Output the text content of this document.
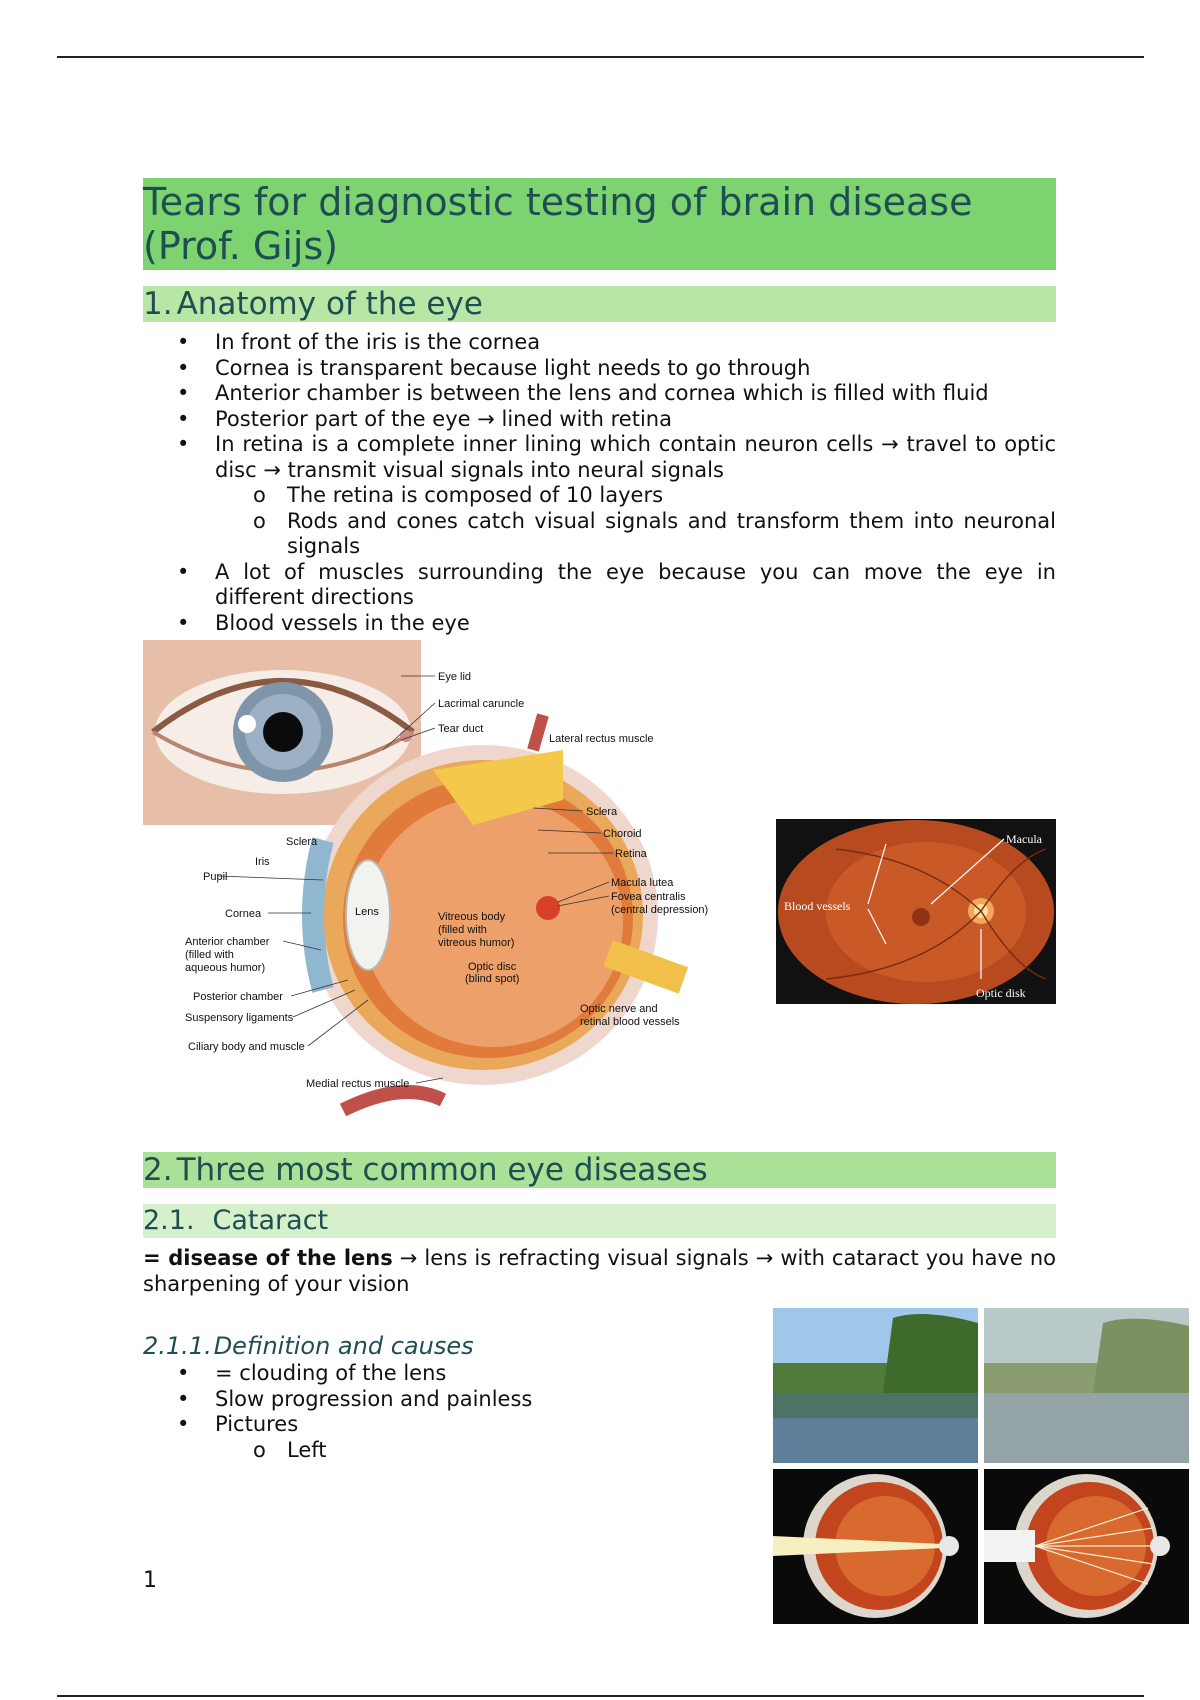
Tears for diagnostic testing of brain disease (Prof. Gijs)
1. Anatomy of the eye
• In front of the iris is the cornea
• Cornea is transparent because light needs to go through
• Anterior chamber is between the lens and cornea which is filled with fluid
• Posterior part of the eye → lined with retina
• In retina is a complete inner lining which contain neuron cells → travel to optic disc → transmit visual signals into neural signals
o The retina is composed of 10 layers
o Rods and cones catch visual signals and transform them into neuronal signals
• A lot of muscles surrounding the eye because you can move the eye in different directions
• Blood vessels in the eye
Eye lid
Lacrimal caruncle
Tear duct
Lateral rectus muscle
Sclera
Choroid
Retina
Macula lutea
Fovea centralis
(central depression)
Sclera
Iris
Pupil
Cornea	Lens	Vitreous body
(filled with
vitreous humor)
Optic disc
(blind spot)
Anterior chamber
(filled with
aqueous humor)
Posterior chamber
Suspensory ligaments
Ciliary body and muscle
Medial rectus muscle
Optic nerve and
retinal blood vessels
Macula
Blood vessels
Optic disk
2. Three most common eye diseases
2.1. Cataract

= disease of the lens → lens is refracting visual signals → with cataract you have no sharpening of your vision

2.1.1.Definition and causes
• = clouding of the lens
• Slow progression and painless
• Pictures
o Left
1
